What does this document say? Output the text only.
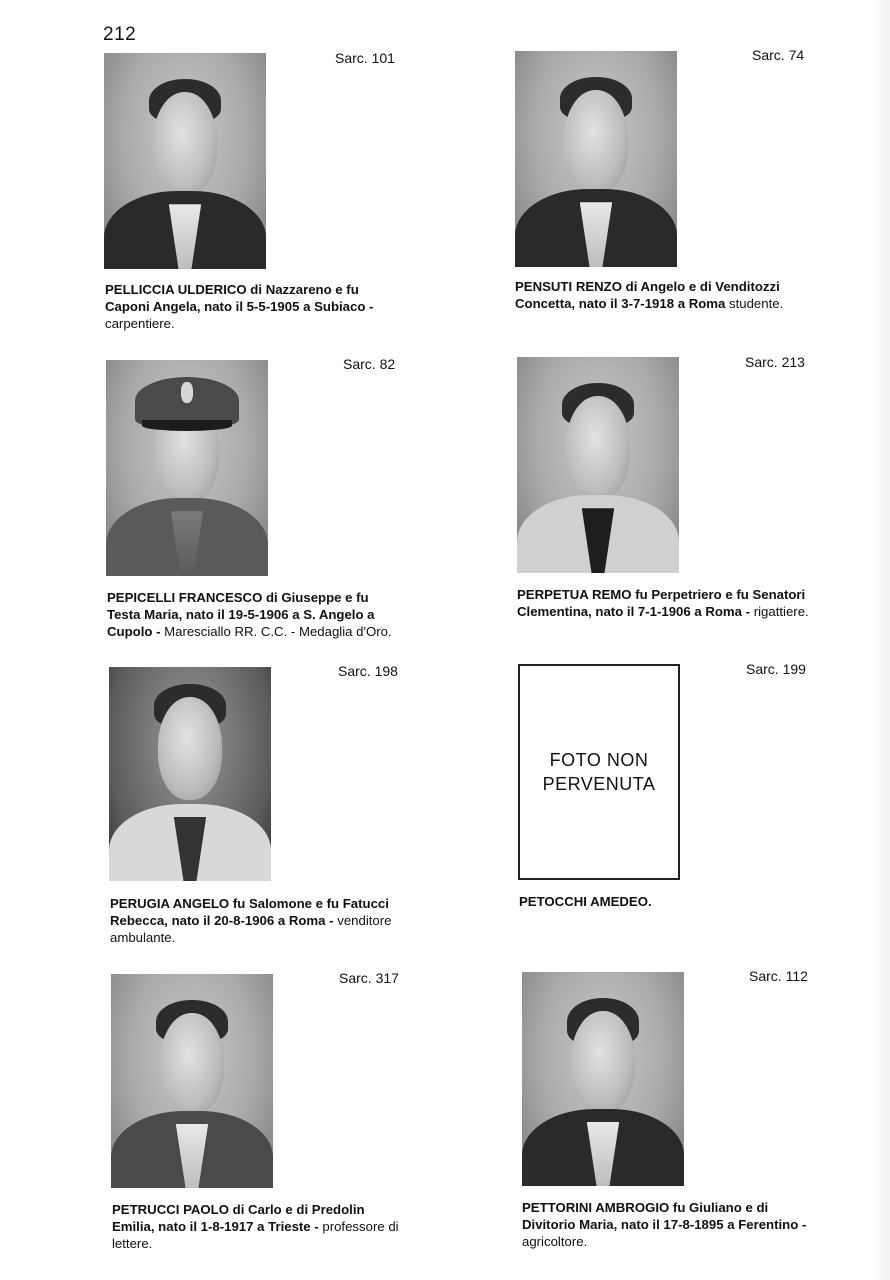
212
Sarc. 101

PELLICCIA ULDERICO di Nazzareno e fu Caponi Angela, nato il 5-5-1905 a Subiaco - carpentiere.

Sarc. 74

PENSUTI RENZO di Angelo e di Venditozzi Concetta, nato il 3-7-1918 a Roma studente.

Sarc. 82

PEPICELLI FRANCESCO di Giuseppe e fu Testa Maria, nato il 19-5-1906 a S. Angelo a Cupolo - Maresciallo RR. C.C. - Medaglia d'Oro.

Sarc. 213

PERPETUA REMO fu Perpetriero e fu Senatori Clementina, nato il 7-1-1906 a Roma - rigattiere.

Sarc. 198

PERUGIA ANGELO fu Salomone e fu Fatucci Rebecca, nato il 20-8-1906 a Roma - venditore ambulante.

FOTO NON
PERVENUTA
Sarc. 199

PETOCCHI AMEDEO.

Sarc. 317

PETRUCCI PAOLO di Carlo e di Predolin Emilia, nato il 1-8-1917 a Trieste - professore di lettere.

Sarc. 112

PETTORINI AMBROGIO fu Giuliano e di Divitorio Maria, nato il 17-8-1895 a Ferentino - agricoltore.
